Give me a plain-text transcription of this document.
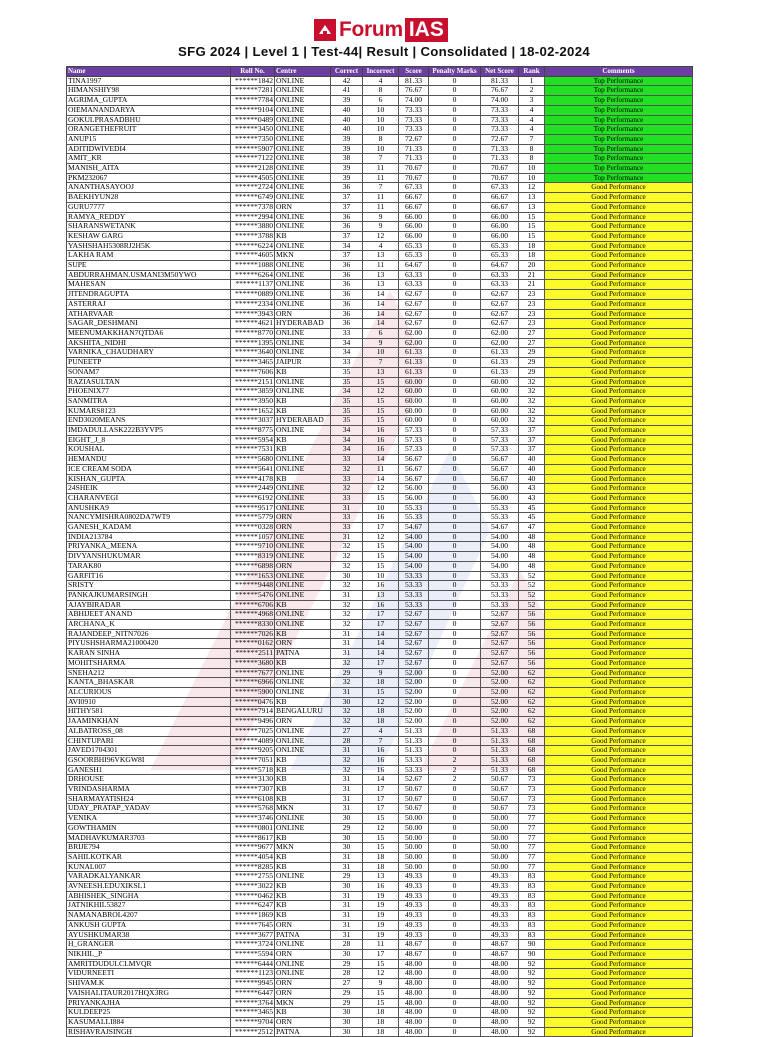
Forum IAS
SFG 2024 | Level 1 | Test-44| Result | Consolidated | 18-02-2024
Name	Roll No.	Centre	Correct	Incorrect	Score	Penalty Marks	Net Score	Rank	Comments
TINA1997	******1842	ONLINE	42	4	81.33	0	81.33	1	Top Performance
HIMANSHIY98	******7281	ONLINE	41	8	76.67	0	76.67	2	Top Performance
AGRIMA_GUPTA	******7784	ONLINE	39	6	74.00	0	74.00	3	Top Performance
OIEMANANDARYA	******9104	ONLINE	40	10	73.33	0	73.33	4	Top Performance
GOKULPRASADBHU	******0489	ONLINE	40	10	73.33	0	73.33	4	Top Performance
ORANGETHEFRUIT	******3450	ONLINE	40	10	73.33	0	73.33	4	Top Performance
ANUP15	******7350	ONLINE	39	8	72.67	0	72.67	7	Top Performance
ADITIDWIVEDI4	******5907	ONLINE	39	10	71.33	0	71.33	8	Top Performance
AMIT_KR	******7122	ONLINE	38	7	71.33	0	71.33	8	Top Performance
MANISH_AITA	******2128	ONLINE	39	11	70.67	0	70.67	10	Top Performance
PKM232067	******4505	ONLINE	39	11	70.67	0	70.67	10	Top Performance
ANANTHASAYOOJ	******2724	ONLINE	36	7	67.33	0	67.33	12	Good Performance
BAEKHYUN28	******6749	ONLINE	37	11	66.67	0	66.67	13	Good Performance
GURU7777	******7378	ORN	37	11	66.67	0	66.67	13	Good Performance
RAMYA_REDDY	******2994	ONLINE	36	9	66.00	0	66.00	15	Good Performance
SHARANSWETANK	******3880	ONLINE	36	9	66.00	0	66.00	15	Good Performance
KESHAW GARG	******3788	KB	37	12	66.00	0	66.00	15	Good Performance
YASHSHAH5308RJ2H5K	******6224	ONLINE	34	4	65.33	0	65.33	18	Good Performance
LAKHA RAM	******4605	MKN	37	13	65.33	0	65.33	18	Good Performance
SUPE	******1088	ONLINE	36	11	64.67	0	64.67	20	Good Performance
ABDURRAHMAN.USMANI3M50YWO	******6264	ONLINE	36	13	63.33	0	63.33	21	Good Performance
MAHESAN	******1137	ONLINE	36	13	63.33	0	63.33	21	Good Performance
JITENDRAGUPTA	******0889	ONLINE	36	14	62.67	0	62.67	23	Good Performance
ASTERRAJ	******2334	ONLINE	36	14	62.67	0	62.67	23	Good Performance
ATHARVAAR	******3943	ORN	36	14	62.67	0	62.67	23	Good Performance
SAGAR_DESHMANI	******4621	HYDERABAD	36	14	62.67	0	62.67	23	Good Performance
MEENUMAKKHAN7QTDA6	******8770	ONLINE	33	6	62.00	0	62.00	27	Good Performance
AKSHITA_NIDHI	******1395	ONLINE	34	9	62.00	0	62.00	27	Good Performance
VARNIKA_CHAUDHARY	******3640	ONLINE	34	10	61.33	0	61.33	29	Good Performance
PUNEETP	******3465	JAIPUR	33	7	61.33	0	61.33	29	Good Performance
SONAM7	******7606	KB	35	13	61.33	0	61.33	29	Good Performance
RAZIASULTAN	******2151	ONLINE	35	15	60.00	0	60.00	32	Good Performance
PHOENIX77	******3859	ONLINE	34	12	60.00	0	60.00	32	Good Performance
SANMITRA	******3950	KB	35	15	60.00	0	60.00	32	Good Performance
KUMARS8123	******1652	KB	35	15	60.00	0	60.00	32	Good Performance
END3020MEANS	******3037	HYDERABAD	35	15	60.00	0	60.00	32	Good Performance
IMDADULLASK222B3YVP5	******8775	ONLINE	34	16	57.33	0	57.33	37	Good Performance
EIGHT_J_8	******5954	KB	34	16	57.33	0	57.33	37	Good Performance
KOUSHAL	******7531	KB	34	16	57.33	0	57.33	37	Good Performance
HEMANDU	******5680	ONLINE	33	14	56.67	0	56.67	40	Good Performance
ICE CREAM SODA	******5641	ONLINE	32	11	56.67	0	56.67	40	Good Performance
KISHAN_GUPTA	******4178	KB	33	14	56.67	0	56.67	40	Good Performance
24SHEIK	******2449	ONLINE	32	12	56.00	0	56.00	43	Good Performance
CHARANVEGI	******6192	ONLINE	33	15	56.00	0	56.00	43	Good Performance
ANUSHKA9	******9517	ONLINE	31	10	55.33	0	55.33	45	Good Performance
NANCYMISHRA0802DA7WT9	******5779	ORN	33	16	55.33	0	55.33	45	Good Performance
GANESH_KADAM	******0328	ORN	33	17	54.67	0	54.67	47	Good Performance
INDIA213784	******1057	ONLINE	31	12	54.00	0	54.00	48	Good Performance
PRIYANKA_MEENA	******9710	ONLINE	32	15	54.00	0	54.00	48	Good Performance
DIVYANSHUKUMAR	******8319	ONLINE	32	15	54.00	0	54.00	48	Good Performance
TARAK80	******6898	ORN	32	15	54.00	0	54.00	48	Good Performance
GARFIT16	******1653	ONLINE	30	10	53.33	0	53.33	52	Good Performance
SRISTY	******9448	ONLINE	32	16	53.33	0	53.33	52	Good Performance
PANKAJKUMARSINGH	******5476	ONLINE	31	13	53.33	0	53.33	52	Good Performance
AJAYBIRADAR	******6706	KB	32	16	53.33	0	53.33	52	Good Performance
ABHIJEET ANAND	******4968	ONLINE	32	17	52.67	0	52.67	56	Good Performance
ARCHANA_K	******8330	ONLINE	32	17	52.67	0	52.67	56	Good Performance
RAJANDEEP_NITN7026	******7026	KB	31	14	52.67	0	52.67	56	Good Performance
PIYUSHSHARMA21000420	******0162	ORN	31	14	52.67	0	52.67	56	Good Performance
KARAN SINHA	******2511	PATNA	31	14	52.67	0	52.67	56	Good Performance
MOHITSHARMA	******3680	KB	32	17	52.67	0	52.67	56	Good Performance
SNEHA212	******7677	ONLINE	29	9	52.00	0	52.00	62	Good Performance
KANTA_BHASKAR	******6966	ONLINE	32	18	52.00	0	52.00	62	Good Performance
ALCURIOUS	******5900	ONLINE	31	15	52.00	0	52.00	62	Good Performance
AVI0910	******0476	KB	30	12	52.00	0	52.00	62	Good Performance
HITHY581	******7914	BENGALURU	32	18	52.00	0	52.00	62	Good Performance
JAAMINKHAN	******9496	ORN	32	18	52.00	0	52.00	62	Good Performance
ALBATROSS_08	******7025	ONLINE	27	4	51.33	0	51.33	68	Good Performance
CHINTUPARI	******4089	ONLINE	28	7	51.33	0	51.33	68	Good Performance
JAVED1704301	******9205	ONLINE	31	16	51.33	0	51.33	68	Good Performance
GSOORBHI96VKGW8I	******7051	KB	32	16	53.33	2	51.33	68	Good Performance
GANESH1	******5718	KB	32	16	53.33	2	51.33	68	Good Performance
DRHOUSE	******3130	KB	31	14	52.67	2	50.67	73	Good Performance
VRINDASHARMA	******7307	KB	31	17	50.67	0	50.67	73	Good Performance
SHARMAYATISH24	******6108	KB	31	17	50.67	0	50.67	73	Good Performance
UDAY_PRATAP_YADAV	******5768	MKN	31	17	50.67	0	50.67	73	Good Performance
VENIKA	******3746	ONLINE	30	15	50.00	0	50.00	77	Good Performance
GOWTHAMIN	******0801	ONLINE	29	12	50.00	0	50.00	77	Good Performance
MADHAVKUMAR3703	******8617	KB	30	15	50.00	0	50.00	77	Good Performance
BRIJE794	******9677	MKN	30	15	50.00	0	50.00	77	Good Performance
SAHILKOTKAR	******4054	KB	31	18	50.00	0	50.00	77	Good Performance
KUNAL007	******8285	KB	31	18	50.00	0	50.00	77	Good Performance
VARADKALYANKAR	******2755	ONLINE	29	13	49.33	0	49.33	83	Good Performance
AVNEESH.EDUXIKSL1	******3022	KB	30	16	49.33	0	49.33	83	Good Performance
ABHISHEK_SINGHA	******0462	KB	31	19	49.33	0	49.33	83	Good Performance
JATNIKHIL53827	******6247	KB	31	19	49.33	0	49.33	83	Good Performance
NAMANABROL4207	******1869	KB	31	19	49.33	0	49.33	83	Good Performance
ANKUSH GUPTA	******7645	ORN	31	19	49.33	0	49.33	83	Good Performance
AYUSHKUMAR38	******3677	PATNA	31	19	49.33	0	49.33	83	Good Performance
H_GRANGER	******3724	ONLINE	28	11	48.67	0	48.67	90	Good Performance
NIKHIL_P	******5594	ORN	30	17	48.67	0	48.67	90	Good Performance
AMRITDUDULCLMVQR	******6444	ONLINE	29	15	48.00	0	48.00	92	Good Performance
VIDURNEETI	******1123	ONLINE	28	12	48.00	0	48.00	92	Good Performance
SHIVAM.K	******9945	ORN	27	9	48.00	0	48.00	92	Good Performance
VAISHALITAUR2017HQX3RG	******6447	ORN	29	15	48.00	0	48.00	92	Good Performance
PRIYANKAJHA	******3764	MKN	29	15	48.00	0	48.00	92	Good Performance
KULDEEP25	******3465	KB	30	18	48.00	0	48.00	92	Good Performance
KASUMALLI884	******9704	ORN	30	18	48.00	0	48.00	92	Good Performance
RISHAVRAJSINGH	******2512	PATNA	30	18	48.00	0	48.00	92	Good Performance
